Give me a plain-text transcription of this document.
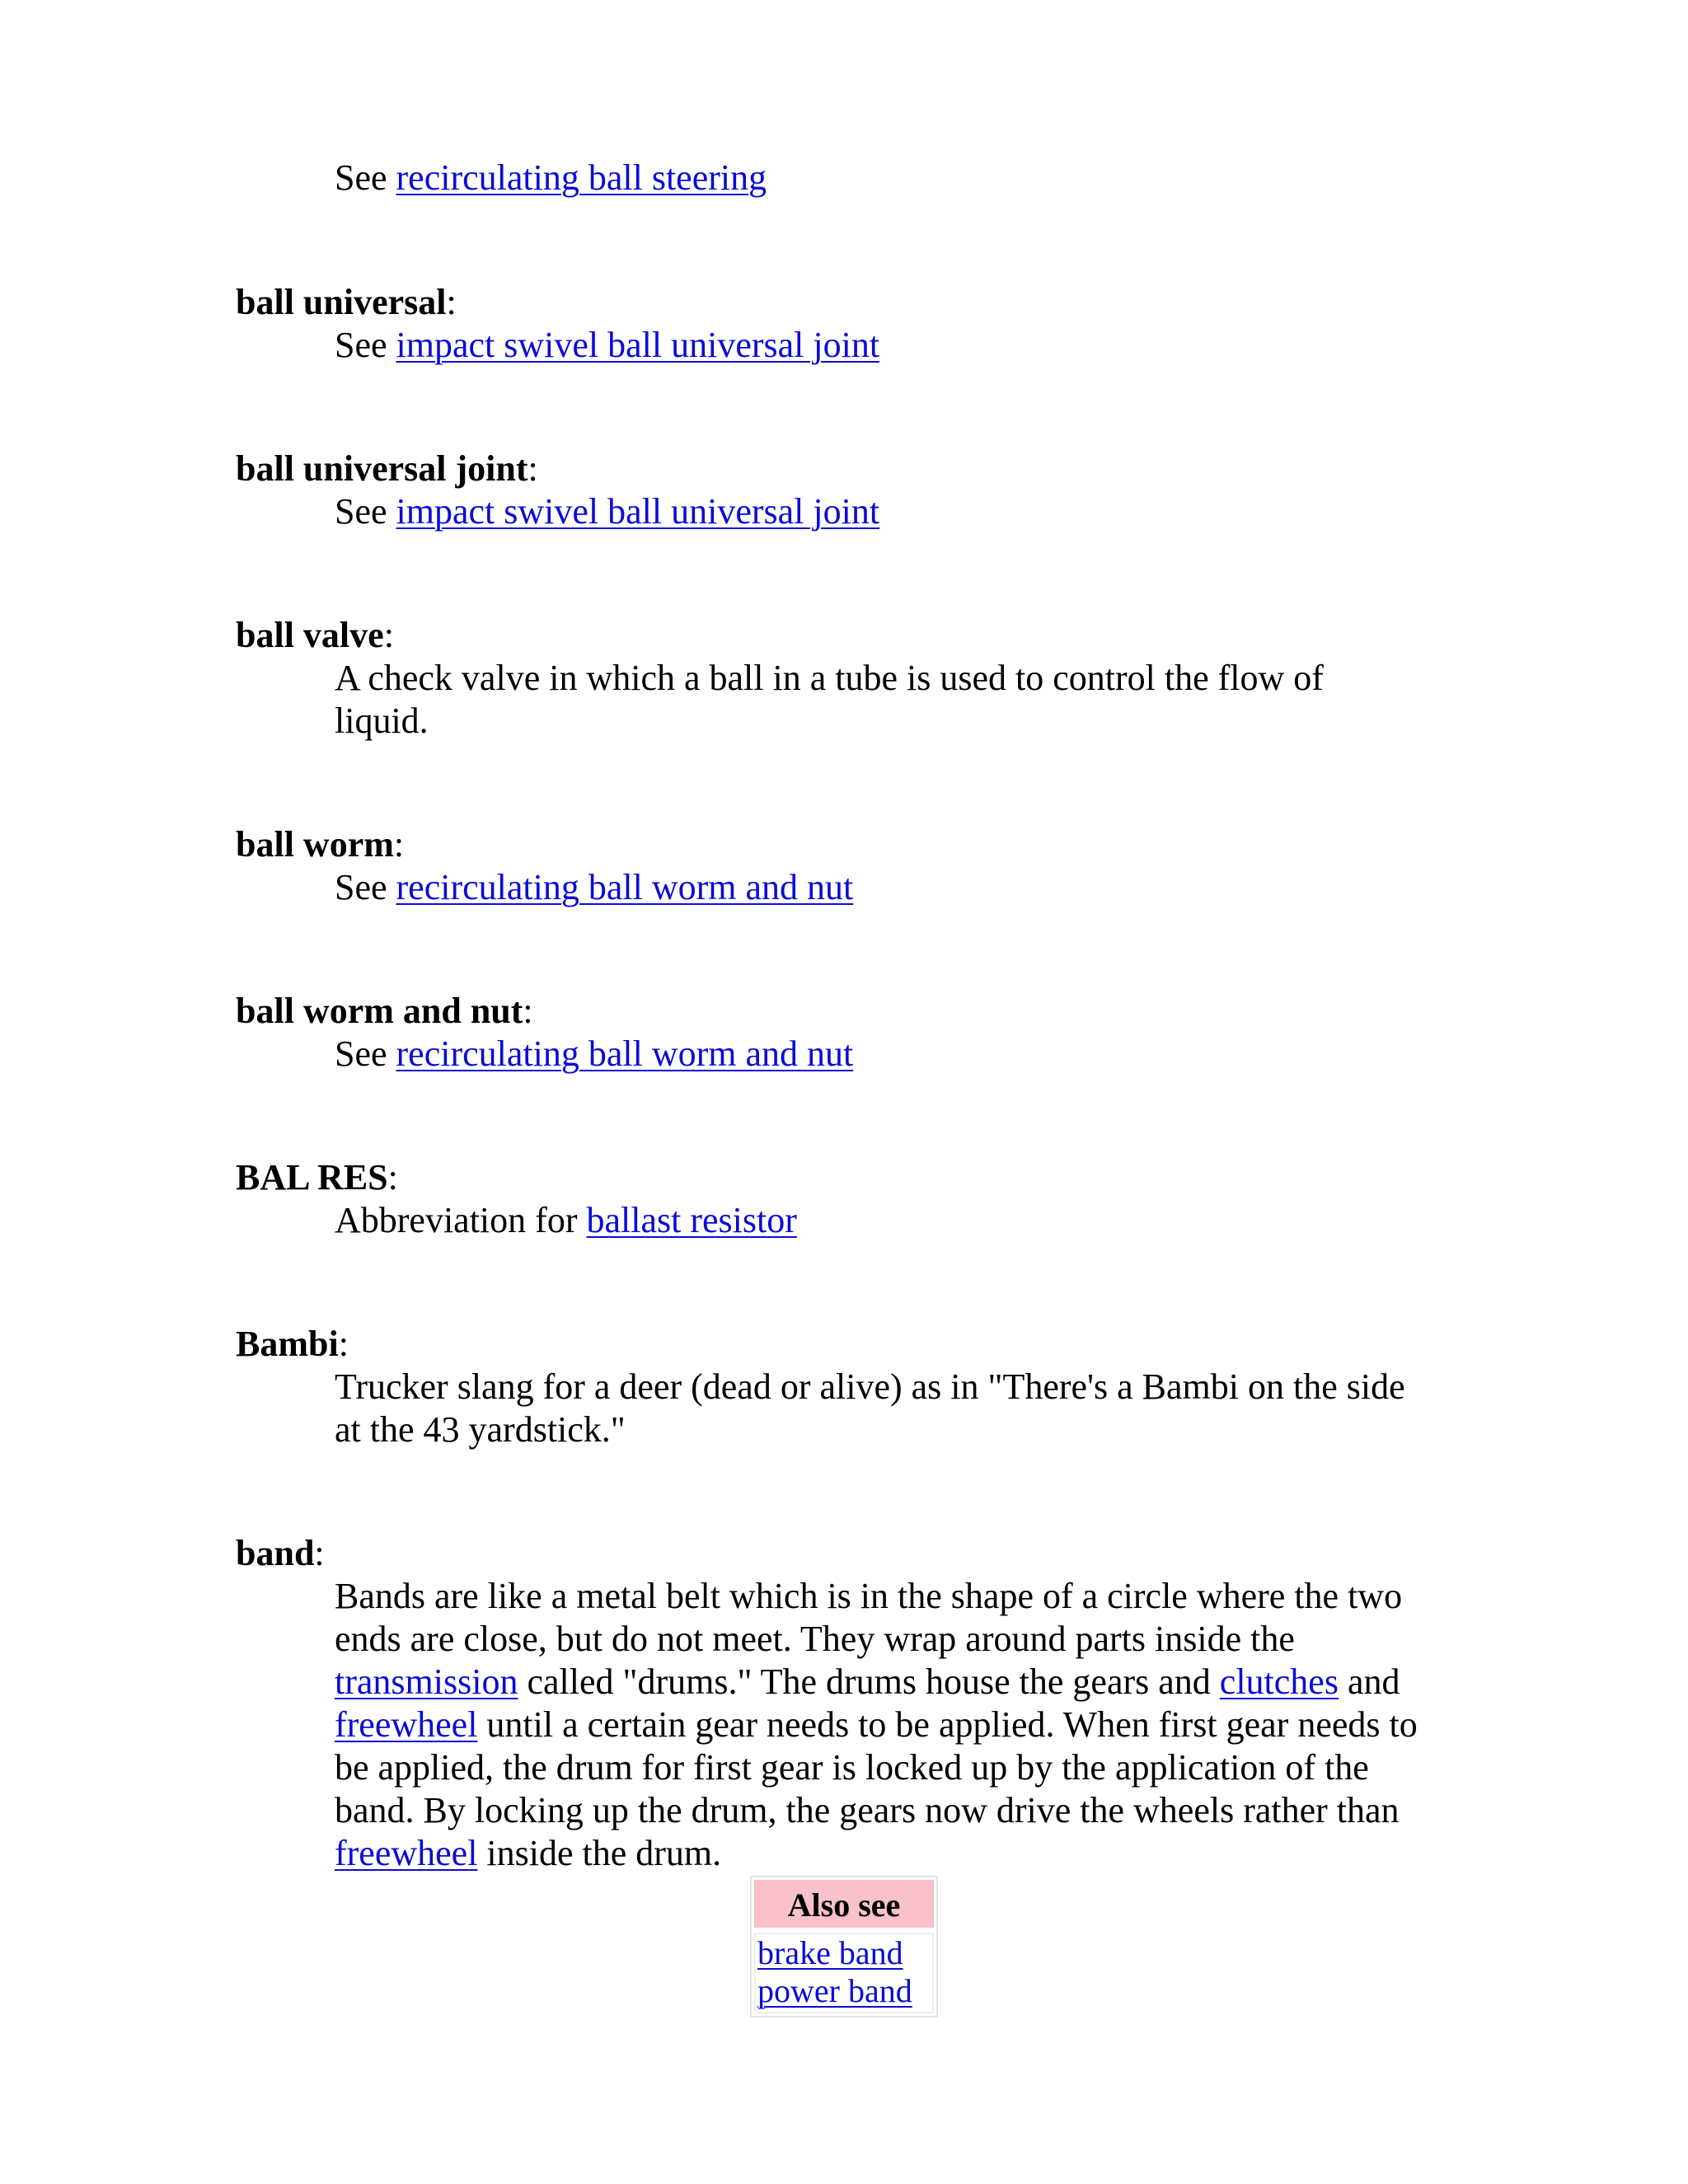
See recirculating ball steering
ball universal:
See impact swivel ball universal joint
ball universal joint:
See impact swivel ball universal joint
ball valve:
A check valve in which a ball in a tube is used to control the flow of liquid.
ball worm:
See recirculating ball worm and nut
ball worm and nut:
See recirculating ball worm and nut
BAL RES:
Abbreviation for ballast resistor
Bambi:
Trucker slang for a deer (dead or alive) as in "There's a Bambi on the side at the 43 yardstick."
band:
Bands are like a metal belt which is in the shape of a circle where the two ends are close, but do not meet. They wrap around parts inside the transmission called "drums." The drums house the gears and clutches and freewheel until a certain gear needs to be applied. When first gear needs to be applied, the drum for first gear is locked up by the application of the band. By locking up the drum, the gears now drive the wheels rather than freewheel inside the drum.
Also see
brake band
power band
